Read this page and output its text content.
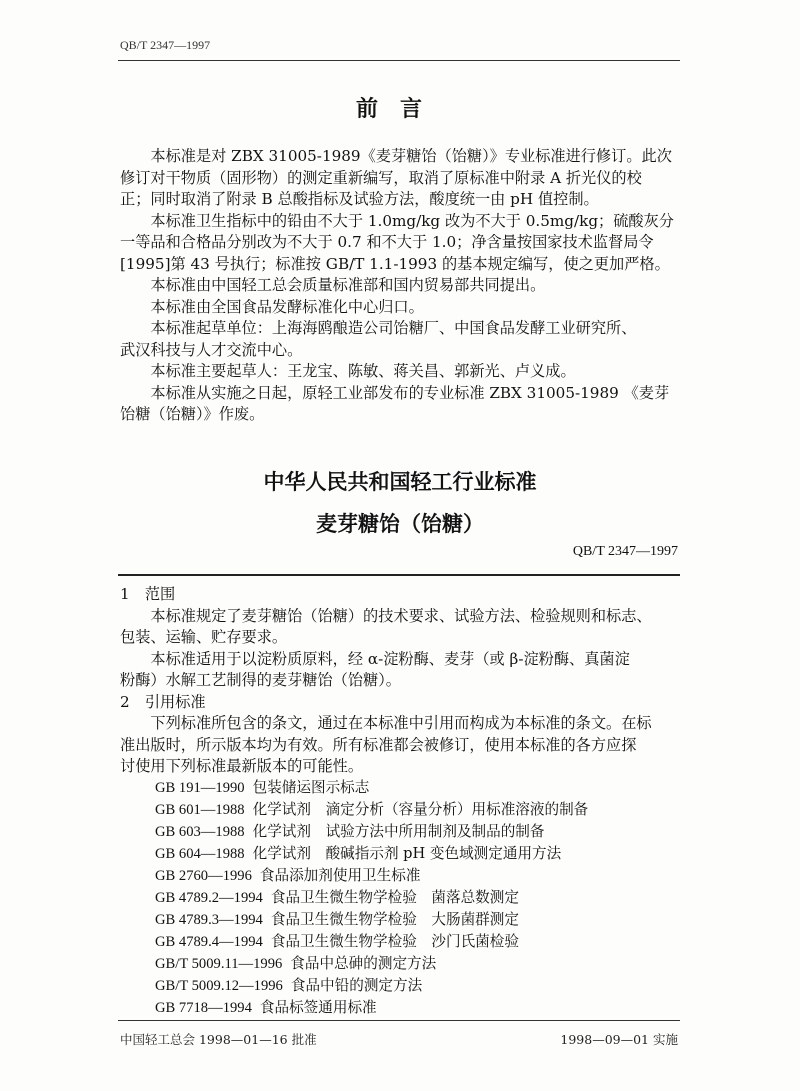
QB/T 2347—1997
前言
　　本标准是对 ZBX 31005-1989《麦芽糖饴（饴糖）》专业标准进行修订。此次
修订对干物质（固形物）的测定重新编写，取消了原标准中附录 A 折光仪的校
正；同时取消了附录 B 总酸指标及试验方法，酸度统一由 pH 值控制。
　　本标准卫生指标中的铅由不大于 1.0mg/kg 改为不大于 0.5mg/kg；硫酸灰分
一等品和合格品分别改为不大于 0.7 和不大于 1.0；净含量按国家技术监督局令
[1995]第 43 号执行；标准按 GB/T 1.1-1993 的基本规定编写，使之更加严格。
　　本标准由中国轻工总会质量标准部和国内贸易部共同提出。
　　本标准由全国食品发酵标准化中心归口。
　　本标准起草单位：上海海鸥酿造公司饴糖厂、中国食品发酵工业研究所、
武汉科技与人才交流中心。
　　本标准主要起草人：王龙宝、陈敏、蒋关昌、郭新光、卢义成。
　　本标准从实施之日起，原轻工业部发布的专业标准 ZBX 31005-1989 《麦芽
饴糖（饴糖）》作废。
中华人民共和国轻工行业标准
麦芽糖饴（饴糖）
QB/T 2347—1997
1　范围
　　本标准规定了麦芽糖饴（饴糖）的技术要求、试验方法、检验规则和标志、
包装、运输、贮存要求。
　　本标准适用于以淀粉质原料，经 α-淀粉酶、麦芽（或 β-淀粉酶、真菌淀
粉酶）水解工艺制得的麦芽糖饴（饴糖）。
2　引用标准
　　下列标准所包含的条文，通过在本标准中引用而构成为本标准的条文。在标
准出版时，所示版本均为有效。所有标准都会被修订，使用本标准的各方应探
讨使用下列标准最新版本的可能性。
GB 191—1990 包装储运图示标志
GB 601—1988 化学试剂　滴定分析（容量分析）用标准溶液的制备
GB 603—1988 化学试剂　试验方法中所用制剂及制品的制备
GB 604—1988 化学试剂　酸碱指示剂 pH 变色域测定通用方法
GB 2760—1996 食品添加剂使用卫生标准
GB 4789.2—1994 食品卫生微生物学检验　菌落总数测定
GB 4789.3—1994 食品卫生微生物学检验　大肠菌群测定
GB 4789.4—1994 食品卫生微生物学检验　沙门氏菌检验
GB/T 5009.11—1996 食品中总砷的测定方法
GB/T 5009.12—1996 食品中铅的测定方法
GB 7718—1994 食品标签通用标准
中国轻工总会 1998—01—16 批准	1998—09—01 实施
